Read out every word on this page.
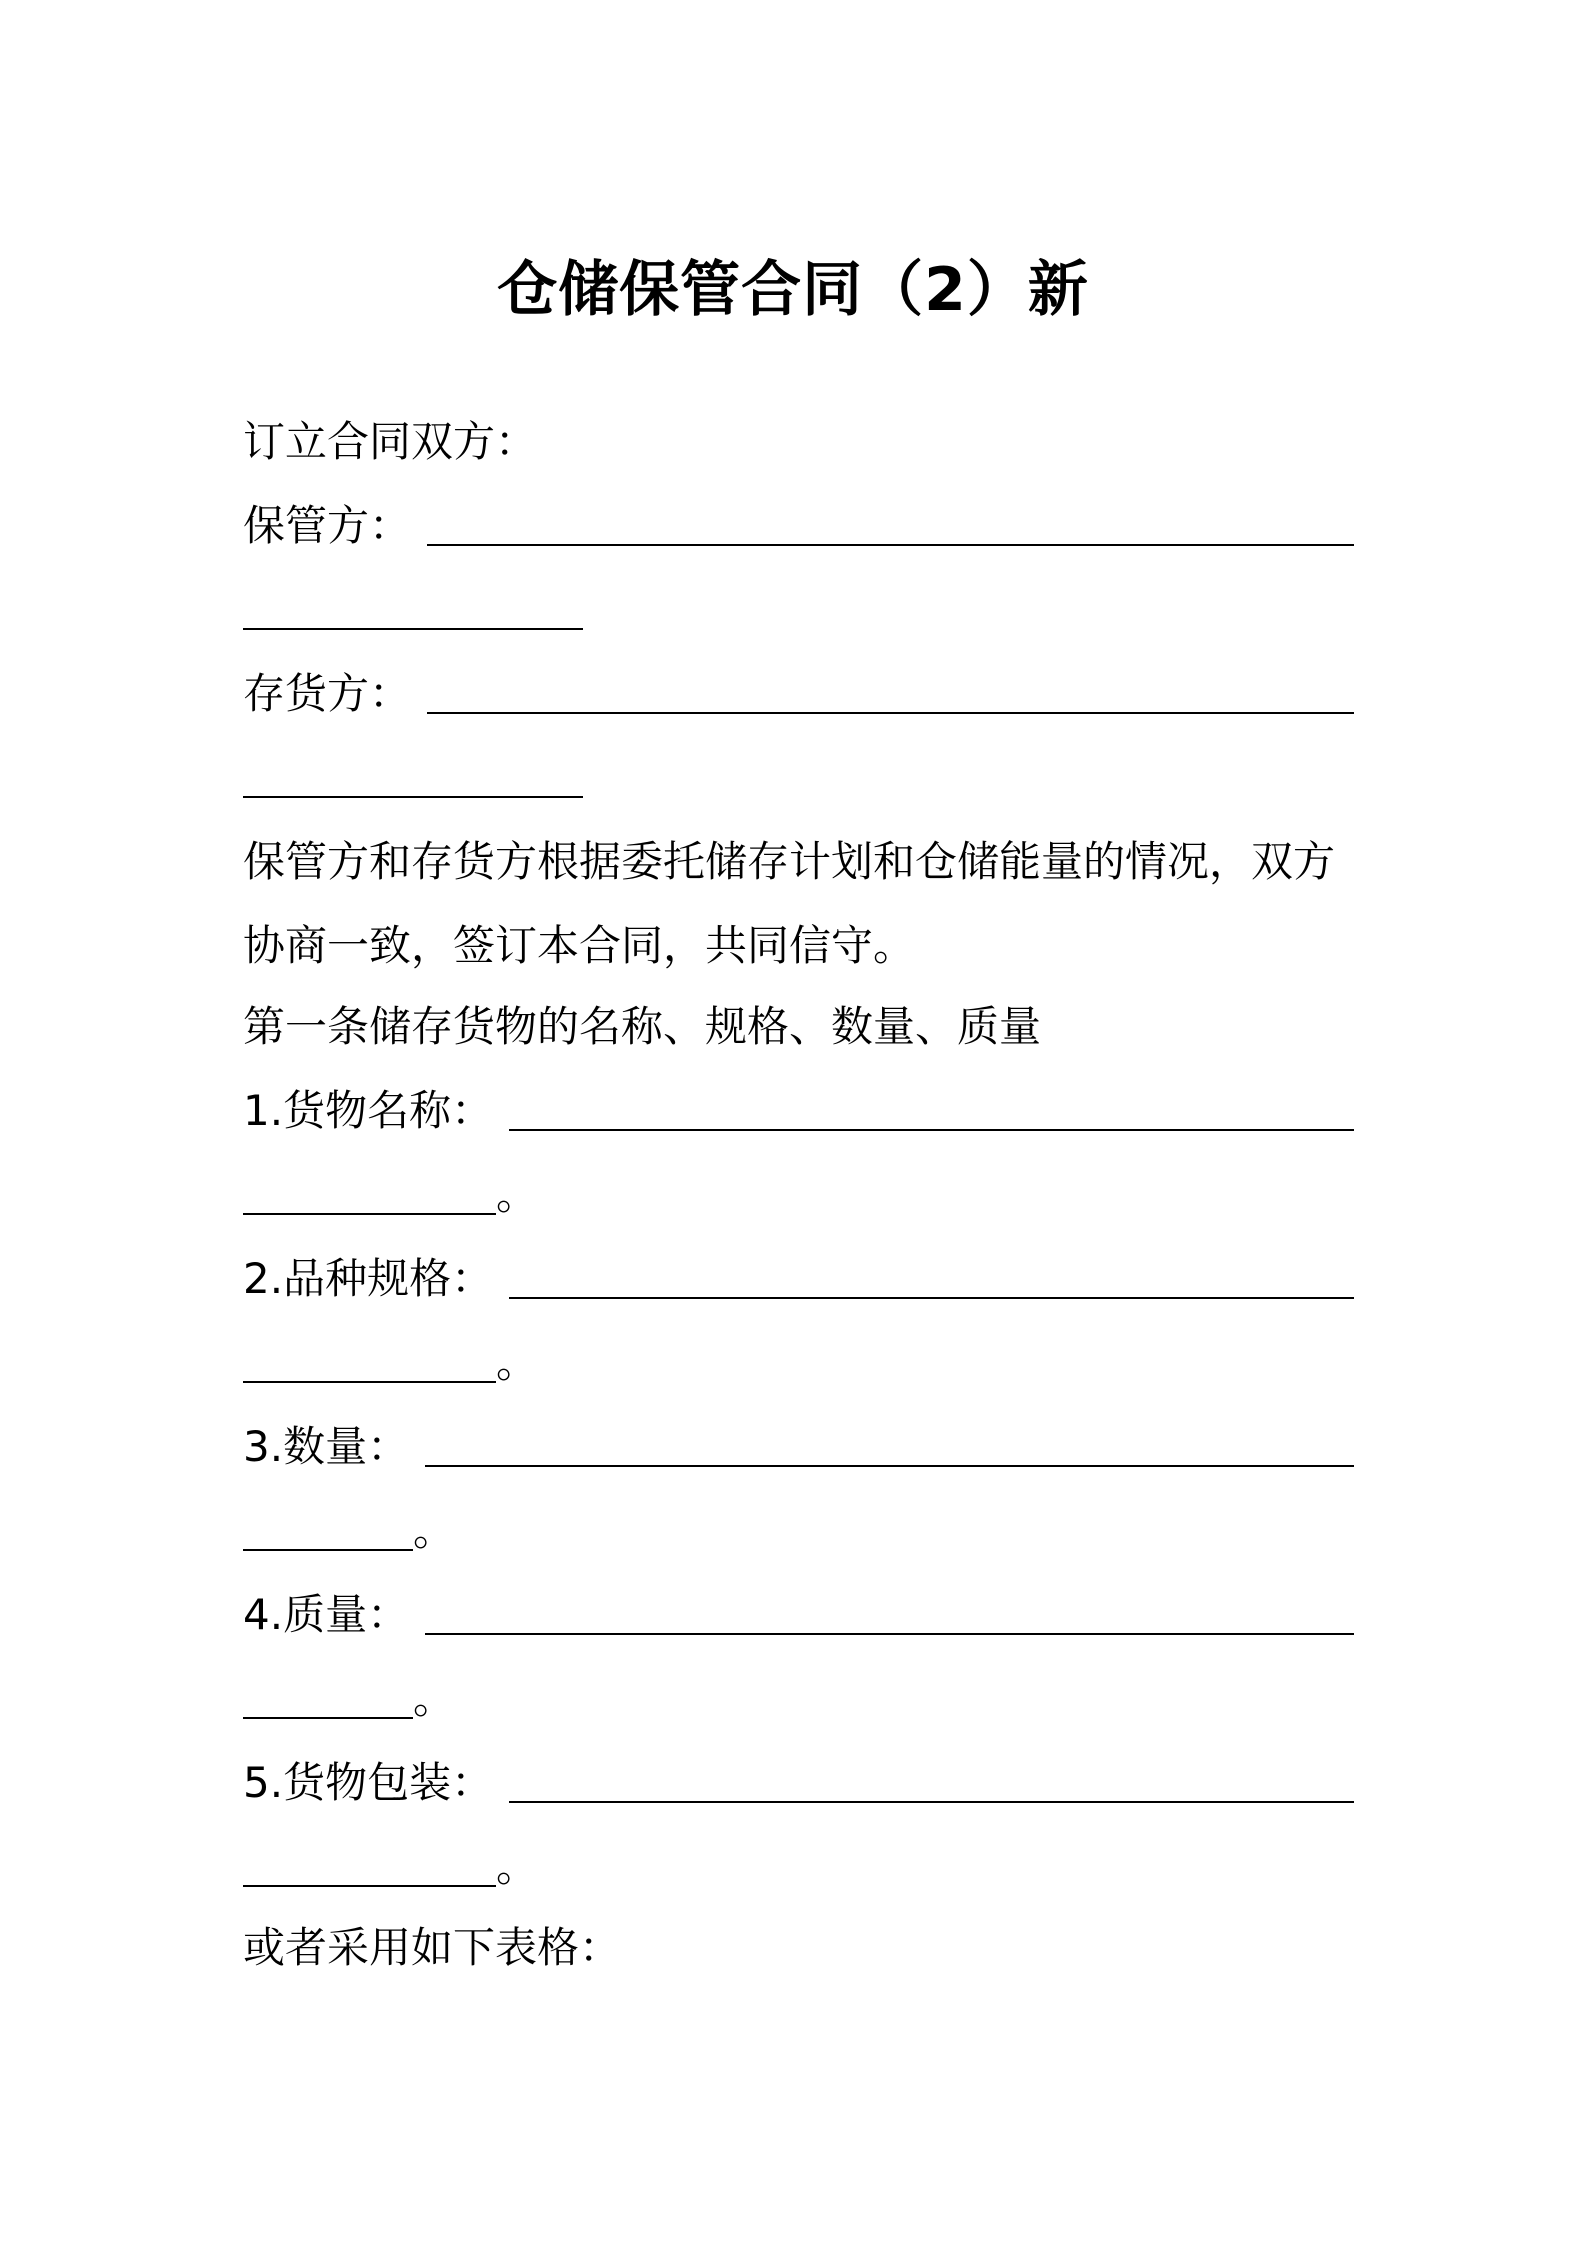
仓储保管合同（2）新
订立合同双方：
保管方：
存货方：
保管方和存货方根据委托储存计划和仓储能量的情况，双方
协商一致，签订本合同，共同信守。
第一条储存货物的名称、规格、数量、质量
1.货物名称：
。
2.品种规格：
。
3.数量：
。
4.质量：
。
5.货物包装：
。
或者采用如下表格：
